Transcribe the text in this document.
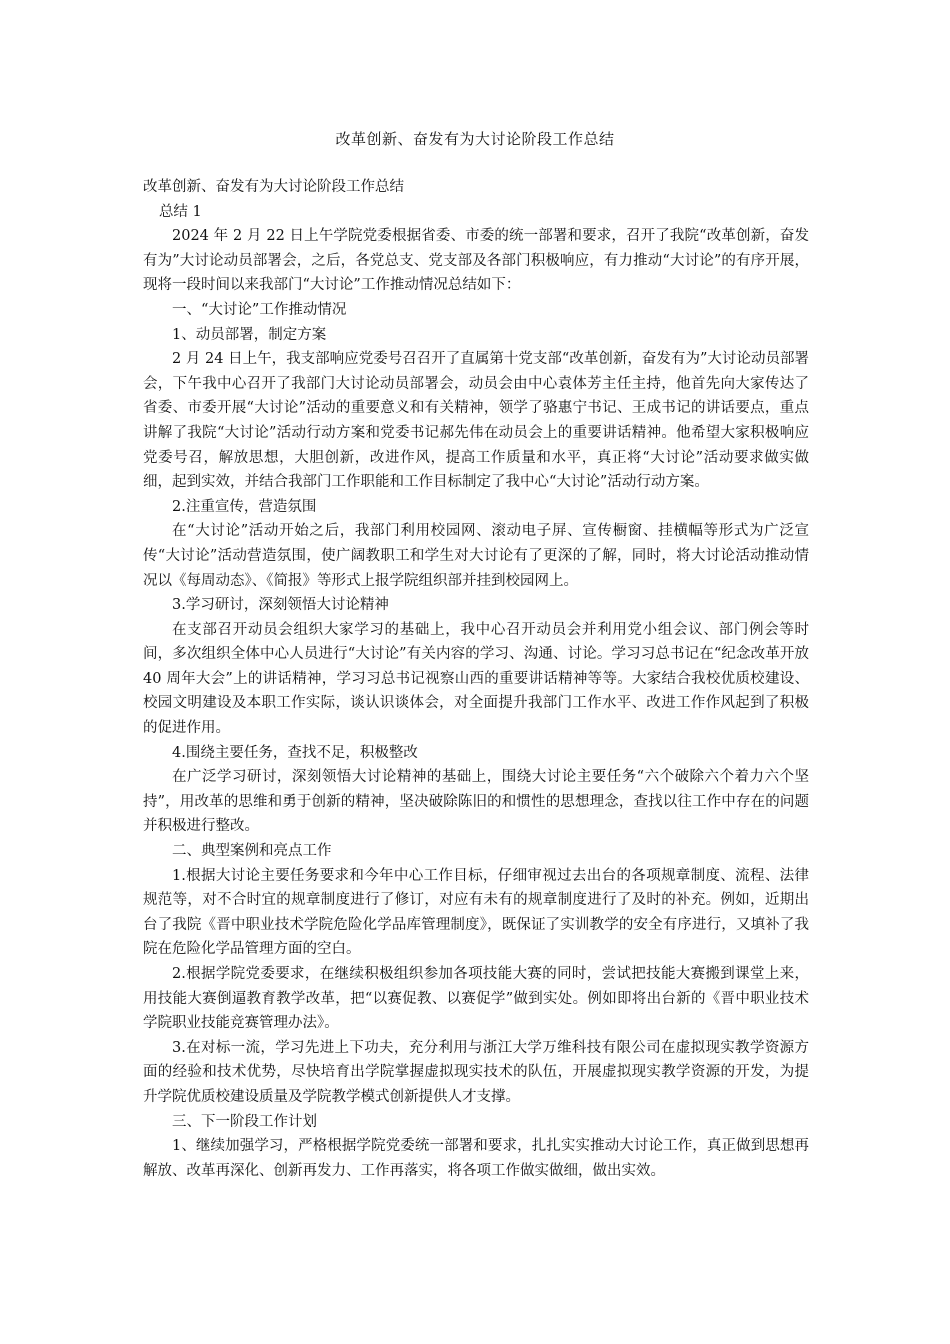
改革创新、奋发有为大讨论阶段工作总结

改革创新、奋发有为大讨论阶段工作总结

总结 1

2024 年 2 月 22 日上午学院党委根据省委、市委的统一部署和要求，召开了我院“改革创新，奋发有为”大讨论动员部署会，之后，各党总支、党支部及各部门积极响应，有力推动“大讨论”的有序开展，现将一段时间以来我部门“大讨论”工作推动情况总结如下：

一、“大讨论”工作推动情况

1、动员部署，制定方案

2 月 24 日上午，我支部响应党委号召召开了直属第十党支部“改革创新，奋发有为”大讨论动员部署会，下午我中心召开了我部门大讨论动员部署会，动员会由中心袁体芳主任主持，他首先向大家传达了省委、市委开展“大讨论”活动的重要意义和有关精神，领学了骆惠宁书记、王成书记的讲话要点，重点讲解了我院“大讨论”活动行动方案和党委书记郝先伟在动员会上的重要讲话精神。他希望大家积极响应党委号召，解放思想，大胆创新，改进作风，提高工作质量和水平，真正将“大讨论”活动要求做实做细，起到实效，并结合我部门工作职能和工作目标制定了我中心“大讨论”活动行动方案。

2.注重宣传，营造氛围

在“大讨论”活动开始之后，我部门利用校园网、滚动电子屏、宣传橱窗、挂横幅等形式为广泛宣传“大讨论”活动营造氛围，使广阔教职工和学生对大讨论有了更深的了解，同时，将大讨论活动推动情况以《每周动态》、《简报》等形式上报学院组织部并挂到校园网上。

3.学习研讨，深刻领悟大讨论精神

在支部召开动员会组织大家学习的基础上，我中心召开动员会并利用党小组会议、部门例会等时间，多次组织全体中心人员进行“大讨论”有关内容的学习、沟通、讨论。学习习总书记在“纪念改革开放 40 周年大会”上的讲话精神，学习习总书记视察山西的重要讲话精神等等。大家结合我校优质校建设、校园文明建设及本职工作实际，谈认识谈体会，对全面提升我部门工作水平、改进工作作风起到了积极的促进作用。

4.围绕主要任务，查找不足，积极整改

在广泛学习研讨，深刻领悟大讨论精神的基础上，围绕大讨论主要任务“六个破除六个着力六个坚持”，用改革的思维和勇于创新的精神，坚决破除陈旧的和惯性的思想理念，查找以往工作中存在的问题并积极进行整改。

二、典型案例和亮点工作

1.根据大讨论主要任务要求和今年中心工作目标，仔细审视过去出台的各项规章制度、流程、法律规范等，对不合时宜的规章制度进行了修订，对应有未有的规章制度进行了及时的补充。例如，近期出台了我院《晋中职业技术学院危险化学品库管理制度》，既保证了实训教学的安全有序进行，又填补了我院在危险化学品管理方面的空白。

2.根据学院党委要求，在继续积极组织参加各项技能大赛的同时，尝试把技能大赛搬到课堂上来，用技能大赛倒逼教育教学改革，把“以赛促教、以赛促学”做到实处。例如即将出台新的《晋中职业技术学院职业技能竞赛管理办法》。

3.在对标一流，学习先进上下功夫，充分利用与浙江大学万维科技有限公司在虚拟现实教学资源方面的经验和技术优势，尽快培育出学院掌握虚拟现实技术的队伍，开展虚拟现实教学资源的开发，为提升学院优质校建设质量及学院教学模式创新提供人才支撑。

三、下一阶段工作计划

1、继续加强学习，严格根据学院党委统一部署和要求，扎扎实实推动大讨论工作，真正做到思想再解放、改革再深化、创新再发力、工作再落实，将各项工作做实做细，做出实效。
